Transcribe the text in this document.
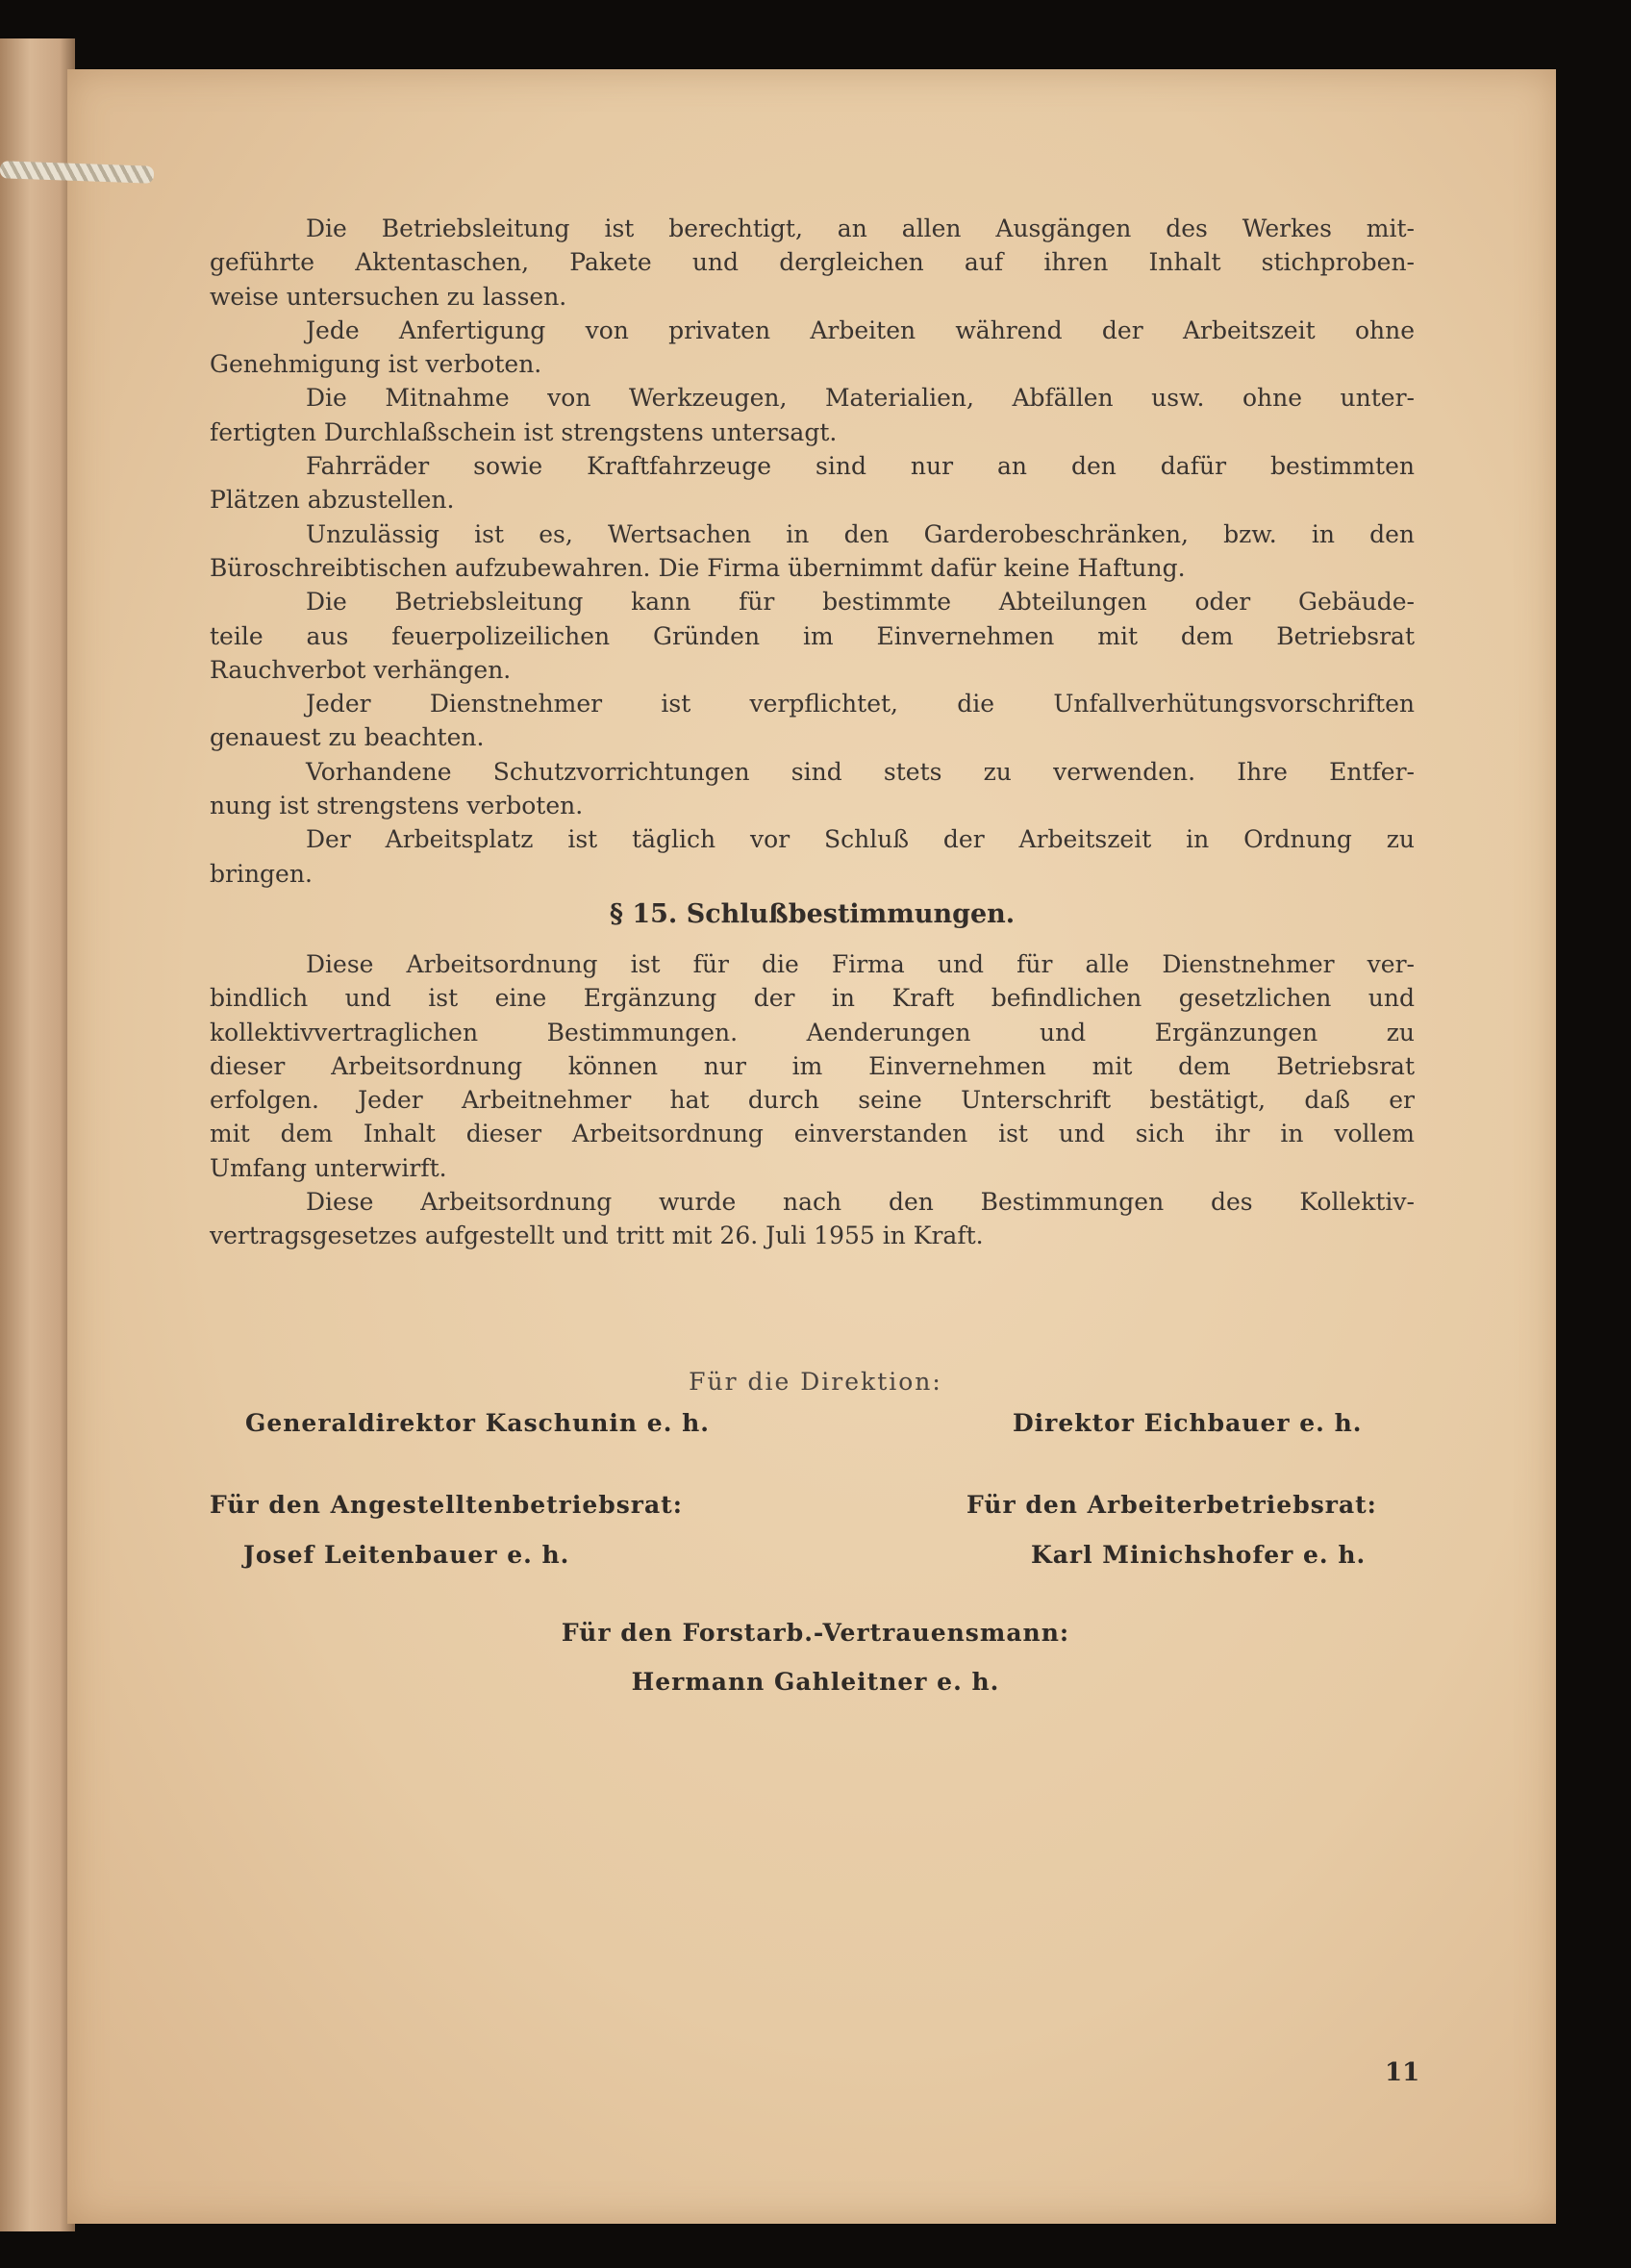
Die Betriebsleitung ist berechtigt, an allen Ausgängen des Werkes mit-
geführte Aktentaschen, Pakete und dergleichen auf ihren Inhalt stichproben-
weise untersuchen zu lassen.
Jede Anfertigung von privaten Arbeiten während der Arbeitszeit ohne
Genehmigung ist verboten.
Die Mitnahme von Werkzeugen, Materialien, Abfällen usw. ohne unter-
fertigten Durchlaßschein ist strengstens untersagt.
Fahrräder sowie Kraftfahrzeuge sind nur an den dafür bestimmten
Plätzen abzustellen.
Unzulässig ist es, Wertsachen in den Garderobeschränken, bzw. in den
Büroschreibtischen aufzubewahren. Die Firma übernimmt dafür keine Haftung.
Die Betriebsleitung kann für bestimmte Abteilungen oder Gebäude-
teile aus feuerpolizeilichen Gründen im Einvernehmen mit dem Betriebsrat
Rauchverbot verhängen.
Jeder Dienstnehmer ist verpflichtet, die Unfallverhütungsvorschriften
genauest zu beachten.
Vorhandene Schutzvorrichtungen sind stets zu verwenden. Ihre Entfer-
nung ist strengstens verboten.
Der Arbeitsplatz ist täglich vor Schluß der Arbeitszeit in Ordnung zu
bringen.
§ 15. Schlußbestimmungen.
Diese Arbeitsordnung ist für die Firma und für alle Dienstnehmer ver-
bindlich und ist eine Ergänzung der in Kraft befindlichen gesetzlichen und
kollektivvertraglichen Bestimmungen. Aenderungen und Ergänzungen zu
dieser Arbeitsordnung können nur im Einvernehmen mit dem Betriebsrat
erfolgen. Jeder Arbeitnehmer hat durch seine Unterschrift bestätigt, daß er
mit dem Inhalt dieser Arbeitsordnung einverstanden ist und sich ihr in vollem
Umfang unterwirft.
Diese Arbeitsordnung wurde nach den Bestimmungen des Kollektiv-
vertragsgesetzes aufgestellt und tritt mit 26. Juli 1955 in Kraft.
Für die Direktion:
Generaldirektor Kaschunin e. h.	Direktor Eichbauer e. h.
Für den Angestelltenbetriebsrat:	Für den Arbeiterbetriebsrat:
Josef Leitenbauer e. h.	Karl Minichshofer e. h.
Für den Forstarb.-Vertrauensmann:
Hermann Gahleitner e. h.
11
